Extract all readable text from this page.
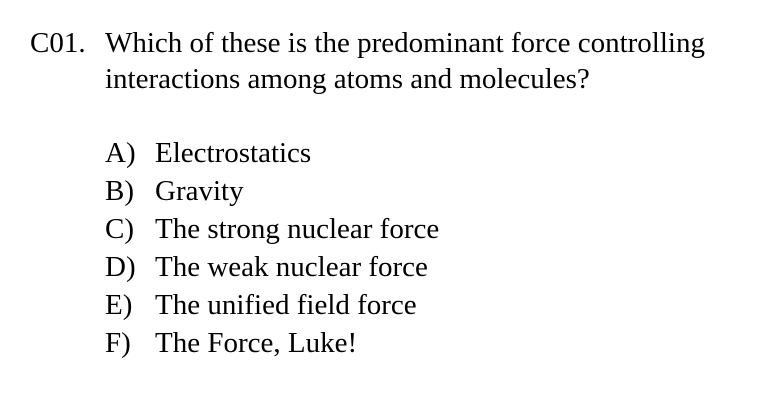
C01. Which of these is the predominant force controlling interactions among atoms and molecules?
A) Electrostatics
B) Gravity
C) The strong nuclear force
D) The weak nuclear force
E) The unified field force
F) The Force, Luke!
